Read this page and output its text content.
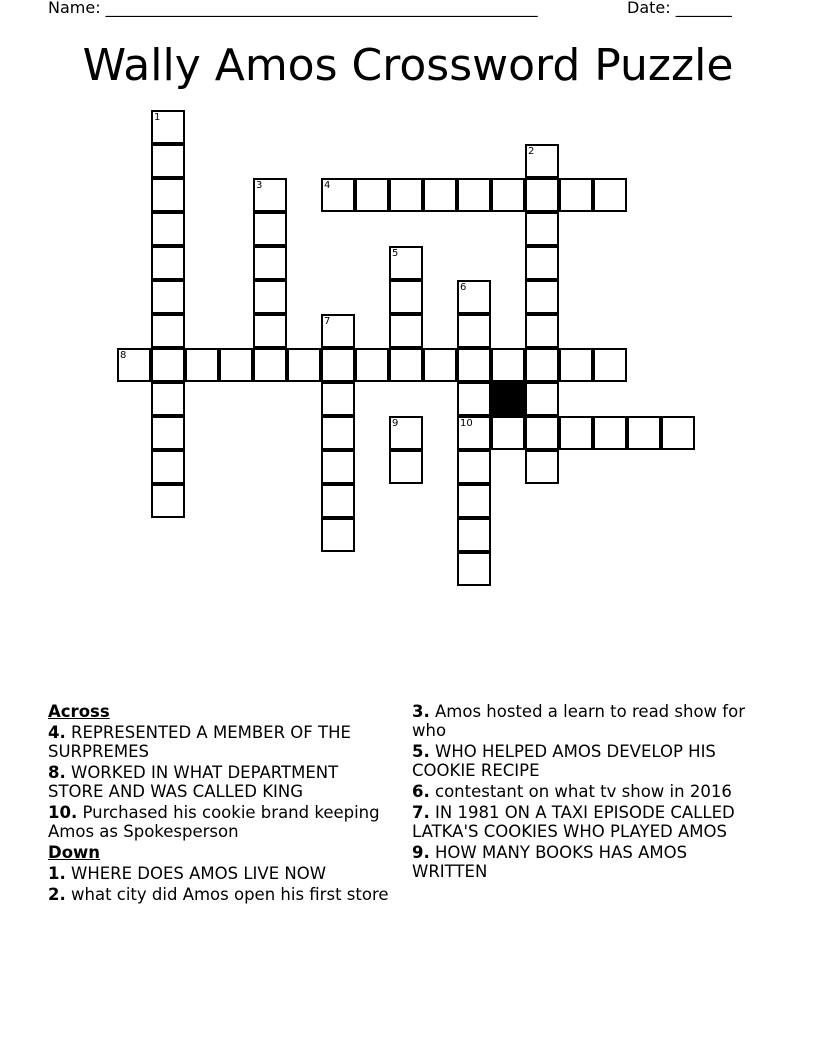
Name: ______________________________________________________	Date: _______
Wally Amos Crossword Puzzle
1
2
3	4
5
6
10
7
8
9
Across
4. REPRESENTED A MEMBER OF THE SURPREMES
8. WORKED IN WHAT DEPARTMENT STORE AND WAS CALLED KING
10. Purchased his cookie brand keeping Amos as Spokesperson
Down
1. WHERE DOES AMOS LIVE NOW
2. what city did Amos open his first store
3. Amos hosted a learn to read show for who
5. WHO HELPED AMOS DEVELOP HIS COOKIE RECIPE
6. contestant on what tv show in 2016
7. IN 1981 ON A TAXI EPISODE CALLED LATKA'S COOKIES WHO PLAYED AMOS
9. HOW MANY BOOKS HAS AMOS WRITTEN
